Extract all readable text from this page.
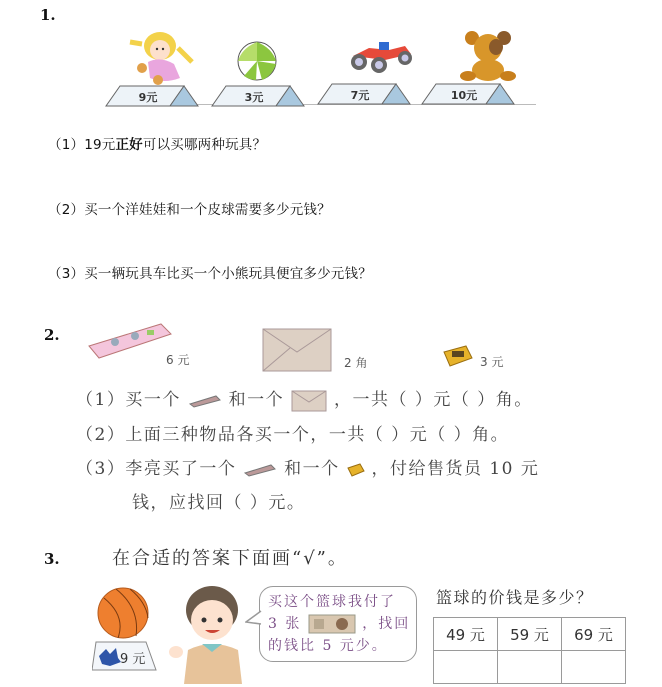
1.
9元	3元	7元	10元
（1）19元正好可以买哪两种玩具？
（2）买一个洋娃娃和一个皮球需要多少元钱？
（3）买一辆玩具车比买一个小熊玩具便宜多少元钱？
2.
6 元	2 角	3 元
（1）买一个	和一个	，一共（ ）元（ ）角。
（2）上面三种物品各买一个，一共（ ）元（ ）角。
（3）李亮买了一个	和一个 ，付给售货员 10 元
钱，应找回（ ）元。
3.	在合适的答案下面画“√”。
9 元
买这个篮球我付了
3 张	，找回
的钱比 5 元少。
篮球的价钱是多少？
49 元	59 元	69 元
